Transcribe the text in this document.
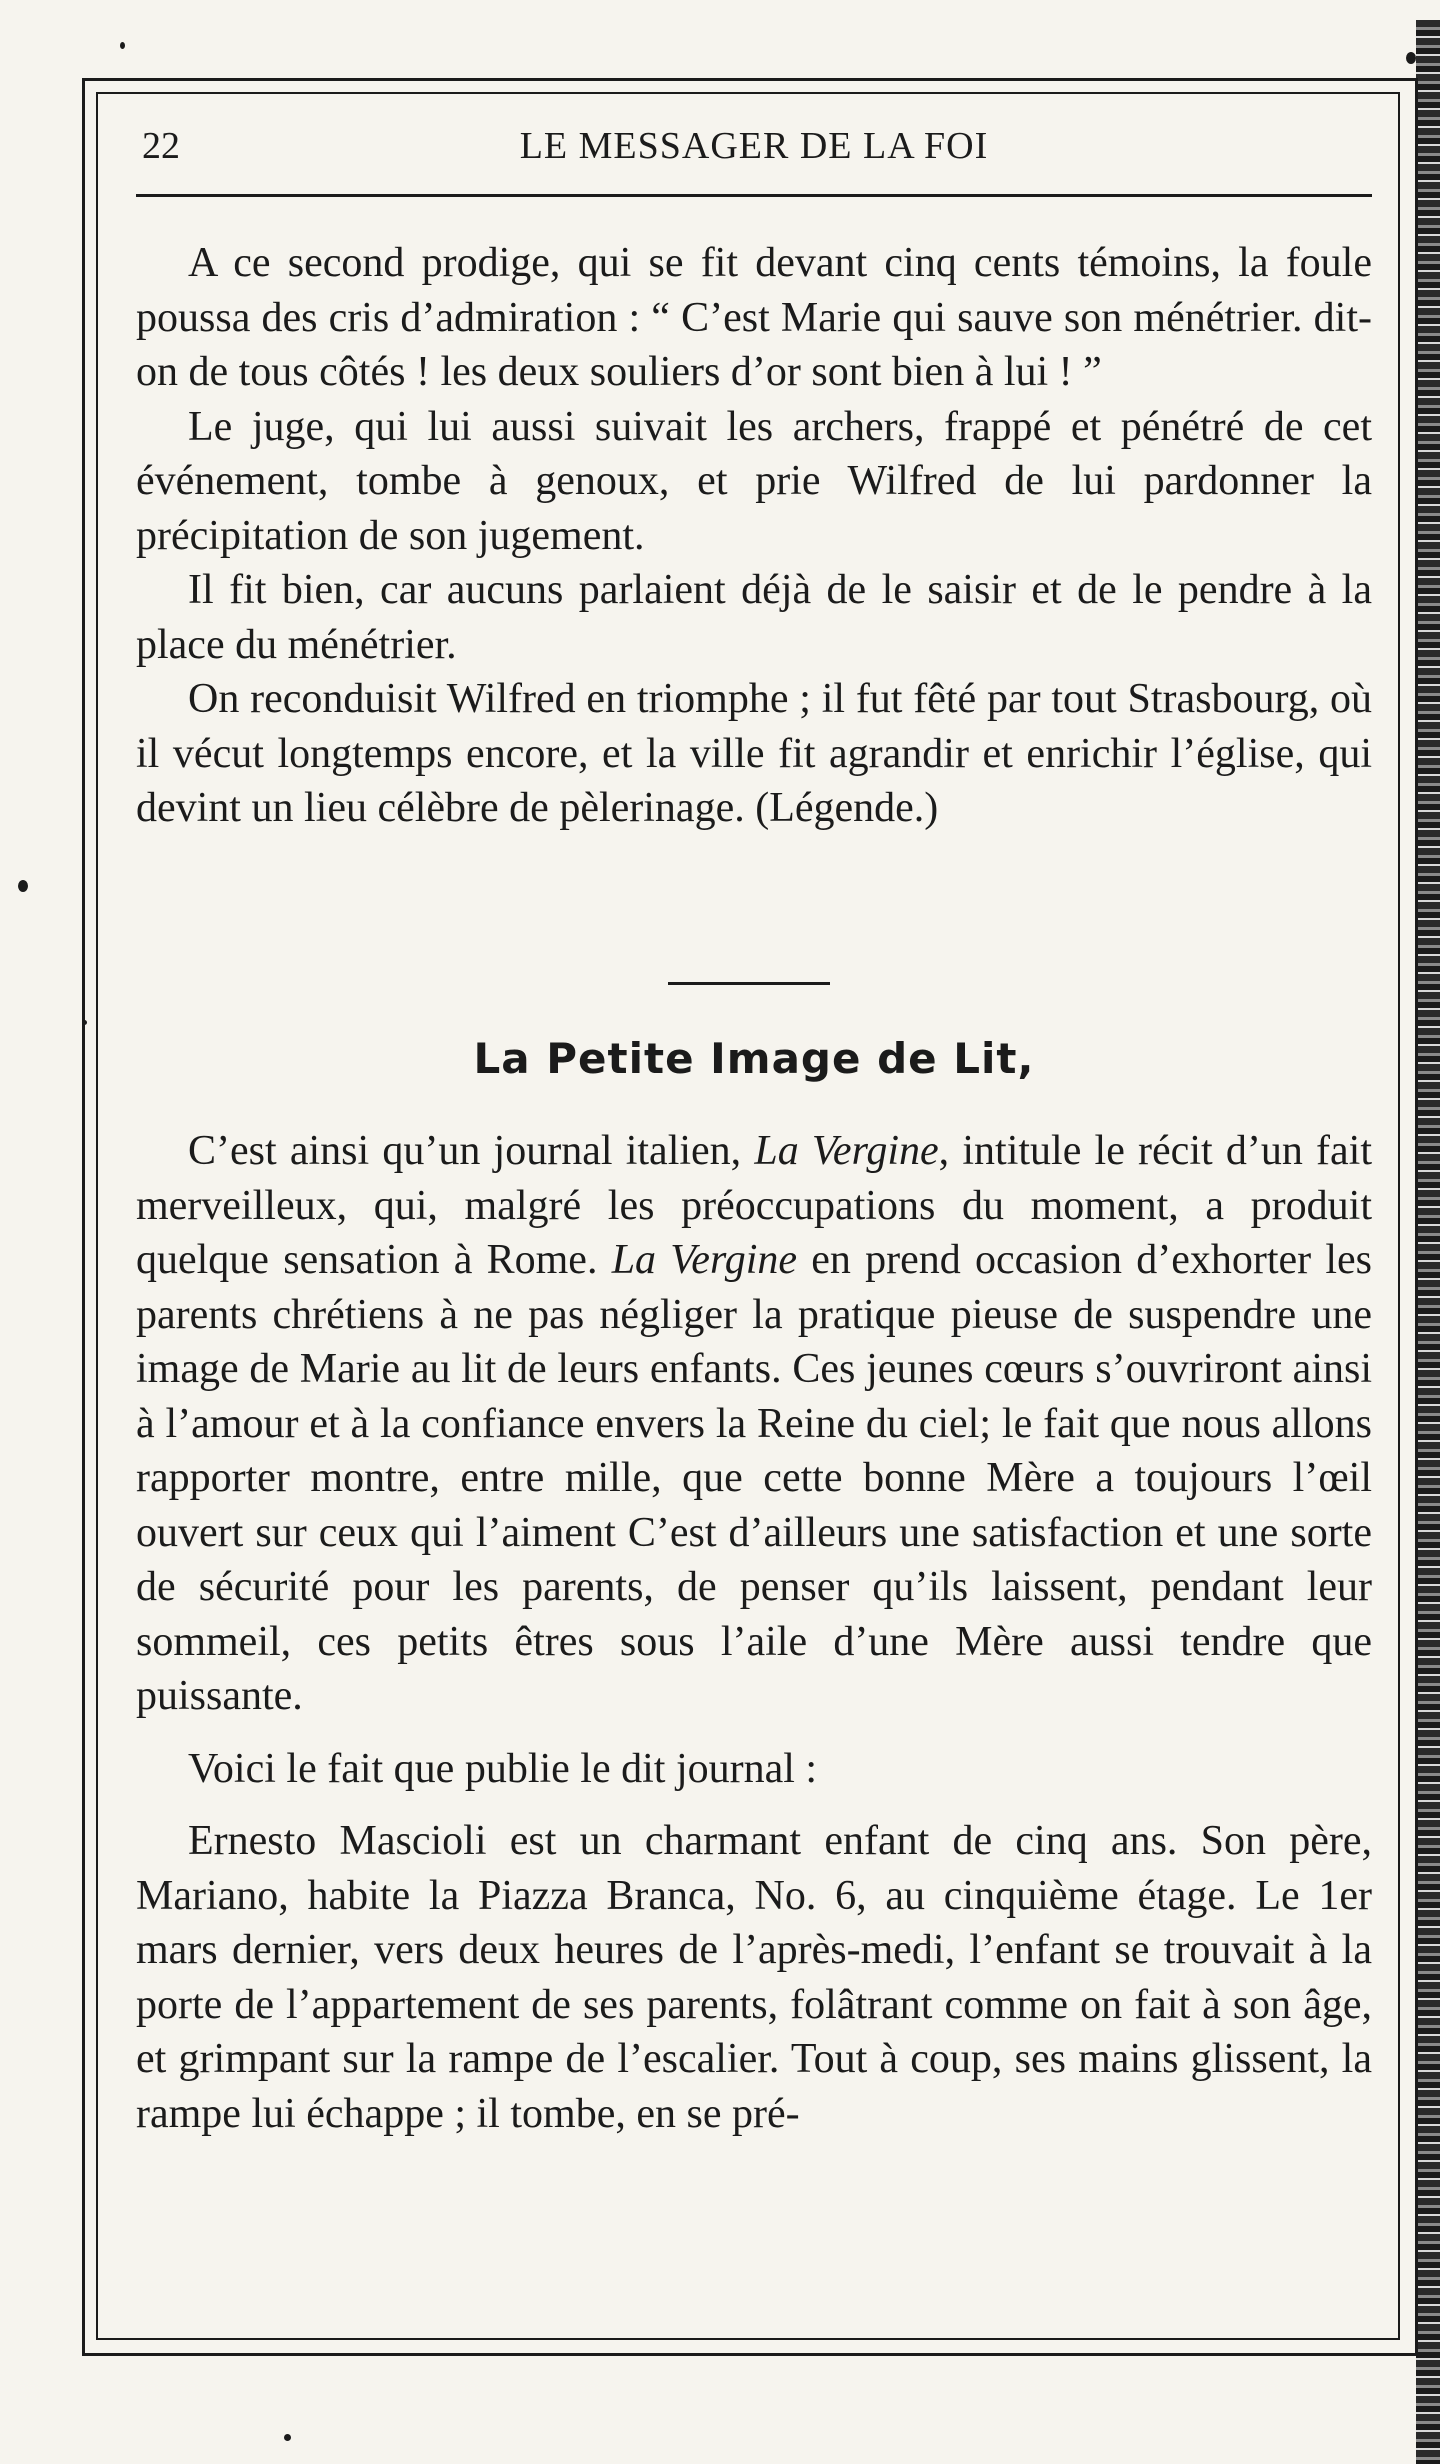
22	LE MESSAGER DE LA FOI

A ce second prodige, qui se fit devant cinq cents témoins, la foule poussa des cris d’admiration : “ C’est Marie qui sauve son ménétrier. dit-on de tous côtés ! les deux souliers d’or sont bien à lui ! ”

Le juge, qui lui aussi suivait les archers, frappé et pénétré de cet événement, tombe à genoux, et prie Wilfred de lui pardonner la précipitation de son jugement.

Il fit bien, car aucuns parlaient déjà de le saisir et de le pendre à la place du ménétrier.

On reconduisit Wilfred en triomphe ; il fut fêté par tout Strasbourg, où il vécut longtemps encore, et la ville fit agrandir et enrichir l’église, qui devint un lieu célèbre de pèlerinage. (Légende.)

La Petite Image de Lit,

C’est ainsi qu’un journal italien, La Vergine, intitule le récit d’un fait merveilleux, qui, malgré les préoccupations du moment, a produit quelque sensation à Rome. La Vergine en prend occasion d’exhorter les parents chrétiens à ne pas négliger la pratique pieuse de suspendre une image de Marie au lit de leurs enfants. Ces jeunes cœurs s’ouvriront ainsi à l’amour et à la confiance envers la Reine du ciel; le fait que nous allons rapporter montre, entre mille, que cette bonne Mère a toujours l’œil ouvert sur ceux qui l’aiment C’est d’ailleurs une satisfaction et une sorte de sécurité pour les parents, de penser qu’ils laissent, pendant leur sommeil, ces petits êtres sous l’aile d’une Mère aussi tendre que puissante.

Voici le fait que publie le dit journal :

Ernesto Mascioli est un charmant enfant de cinq ans. Son père, Mariano, habite la Piazza Branca, No. 6, au cinquième étage. Le 1er mars dernier, vers deux heures de l’après-medi, l’enfant se trouvait à la porte de l’appartement de ses parents, folâtrant comme on fait à son âge, et grimpant sur la rampe de l’escalier. Tout à coup, ses mains glissent, la rampe lui échappe ; il tombe, en se pré-
